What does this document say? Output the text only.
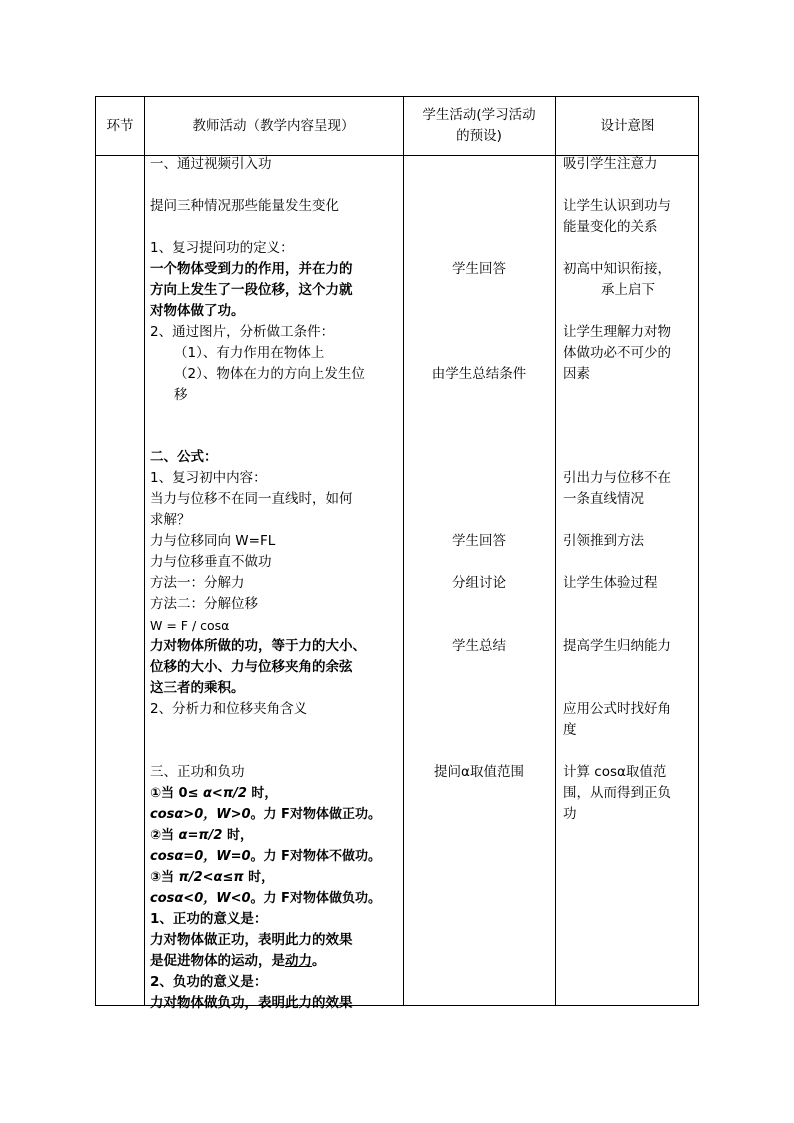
环节	教师活动（教学内容呈现）
学生活动(学习活动
的预设)
设计意图
一、通过视频引入功
提问三种情况那些能量发生变化
1、复习提问功的定义：
一个物体受到力的作用，并在力的
方向上发生了一段位移，这个力就
对物体做了功。
2、通过图片，分析做工条件：
（1）、有力作用在物体上
（2）、物体在力的方向上发生位
移
二、公式：
1、复习初中内容：
当力与位移不在同一直线时，如何
求解？
力与位移同向 W=FL
力与位移垂直不做功
方法一：分解力
方法二：分解位移
W = F / cosα
力对物体所做的功，等于力的大小、
位移的大小、力与位移夹角的余弦
这三者的乘积。
2、分析力和位移夹角含义
三、正功和负功
①当 0≤ α<π/2 时，
cosα>0，W>0。力 F对物体做正功。
②当 α=π/2 时，
cosα=0，W=0。力 F对物体不做功。
③当 π/2<α≤π 时，
cosα<0，W<0。力 F对物体做负功。
1、正功的意义是：
力对物体做正功，表明此力的效果
是促进物体的运动，是动力。
2、负功的意义是：
力对物体做负功，表明此力的效果
学生回答
由学生总结条件
学生回答
分组讨论
学生总结
提问α取值范围
吸引学生注意力
让学生认识到功与
能量变化的关系
初高中知识衔接，
承上启下
让学生理解力对物
体做功必不可少的
因素
引出力与位移不在
一条直线情况
引领推到方法
让学生体验过程
提高学生归纳能力
应用公式时找好角
度
计算 cosα取值范
围，从而得到正负
功
